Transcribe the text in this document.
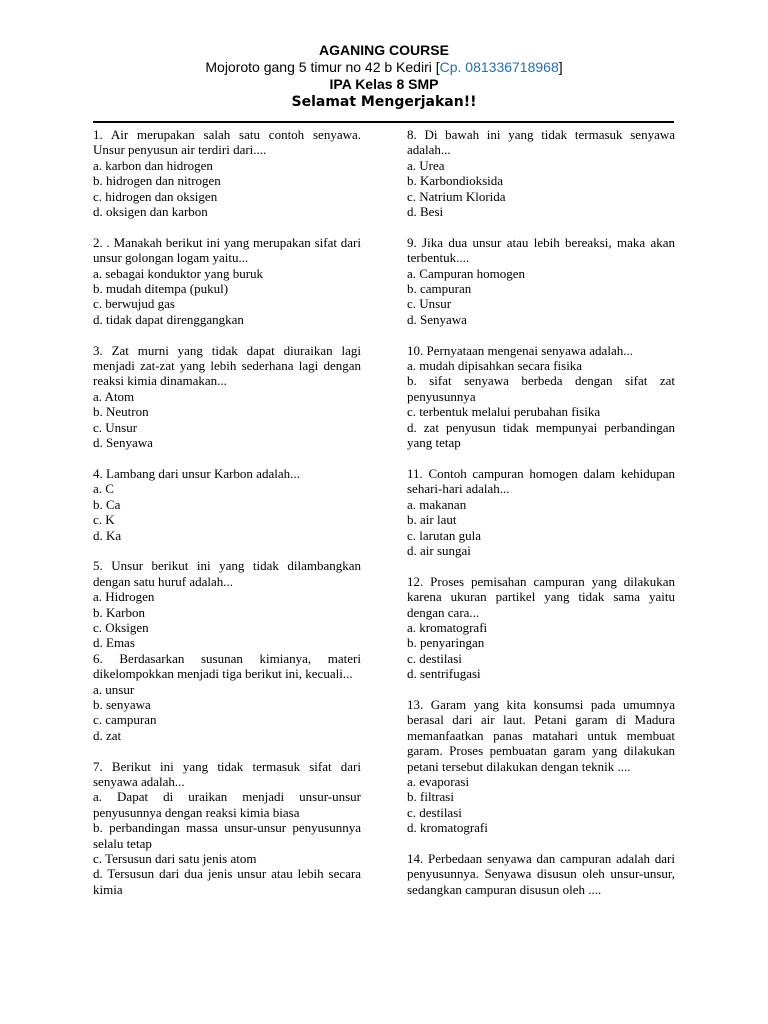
AGANING COURSE
Mojoroto gang 5 timur no 42 b Kediri [Cp. 081336718968]
IPA Kelas 8 SMP
Selamat Mengerjakan!!
1. Air merupakan salah satu contoh senyawa. Unsur penyusun air terdiri dari....
a. karbon dan hidrogen
b. hidrogen dan nitrogen
c. hidrogen dan oksigen
d. oksigen dan karbon
2. . Manakah berikut ini yang merupakan sifat dari unsur golongan logam yaitu...
a. sebagai konduktor yang buruk
b. mudah ditempa (pukul)
c. berwujud gas
d. tidak dapat direnggangkan
3. Zat murni yang tidak dapat diuraikan lagi menjadi zat-zat yang lebih sederhana lagi dengan reaksi kimia dinamakan...
a. Atom
b. Neutron
c. Unsur
d. Senyawa
4. Lambang dari unsur Karbon adalah...
a. C
b. Ca
c. K
d. Ka
5. Unsur berikut ini yang tidak dilambangkan dengan satu huruf adalah...
a. Hidrogen
b. Karbon
c. Oksigen
d. Emas
6. Berdasarkan susunan kimianya, materi dikelompokkan menjadi tiga berikut ini, kecuali...
a. unsur
b. senyawa
c. campuran
d. zat
7. Berikut ini yang tidak termasuk sifat dari senyawa adalah...
a. Dapat di uraikan menjadi unsur-unsur penyusunnya dengan reaksi kimia biasa
b. perbandingan massa unsur-unsur penyusunnya selalu tetap
c. Tersusun dari satu jenis atom
d. Tersusun dari dua jenis unsur atau lebih secara kimia
8. Di bawah ini yang tidak termasuk senyawa adalah...
a. Urea
b. Karbondioksida
c. Natrium Klorida
d. Besi
9. Jika dua unsur atau lebih bereaksi, maka akan terbentuk....
a. Campuran homogen
b. campuran
c. Unsur
d. Senyawa
10. Pernyataan mengenai senyawa adalah...
a. mudah dipisahkan secara fisika
b. sifat senyawa berbeda dengan sifat zat penyusunnya
c. terbentuk melalui perubahan fisika
d. zat penyusun tidak mempunyai perbandingan yang tetap
11. Contoh campuran homogen dalam kehidupan sehari-hari adalah...
a. makanan
b. air laut
c. larutan gula
d. air sungai
12. Proses pemisahan campuran yang dilakukan karena ukuran partikel yang tidak sama yaitu dengan cara...
a. kromatografi
b. penyaringan
c. destilasi
d. sentrifugasi
13. Garam yang kita konsumsi pada umumnya berasal dari air laut. Petani garam di Madura memanfaatkan panas matahari untuk membuat garam. Proses pembuatan garam yang dilakukan petani tersebut dilakukan dengan teknik ....
a. evaporasi
b. filtrasi
c. destilasi
d. kromatografi
14. Perbedaan senyawa dan campuran adalah dari penyusunnya. Senyawa disusun oleh unsur-unsur, sedangkan campuran disusun oleh ....
